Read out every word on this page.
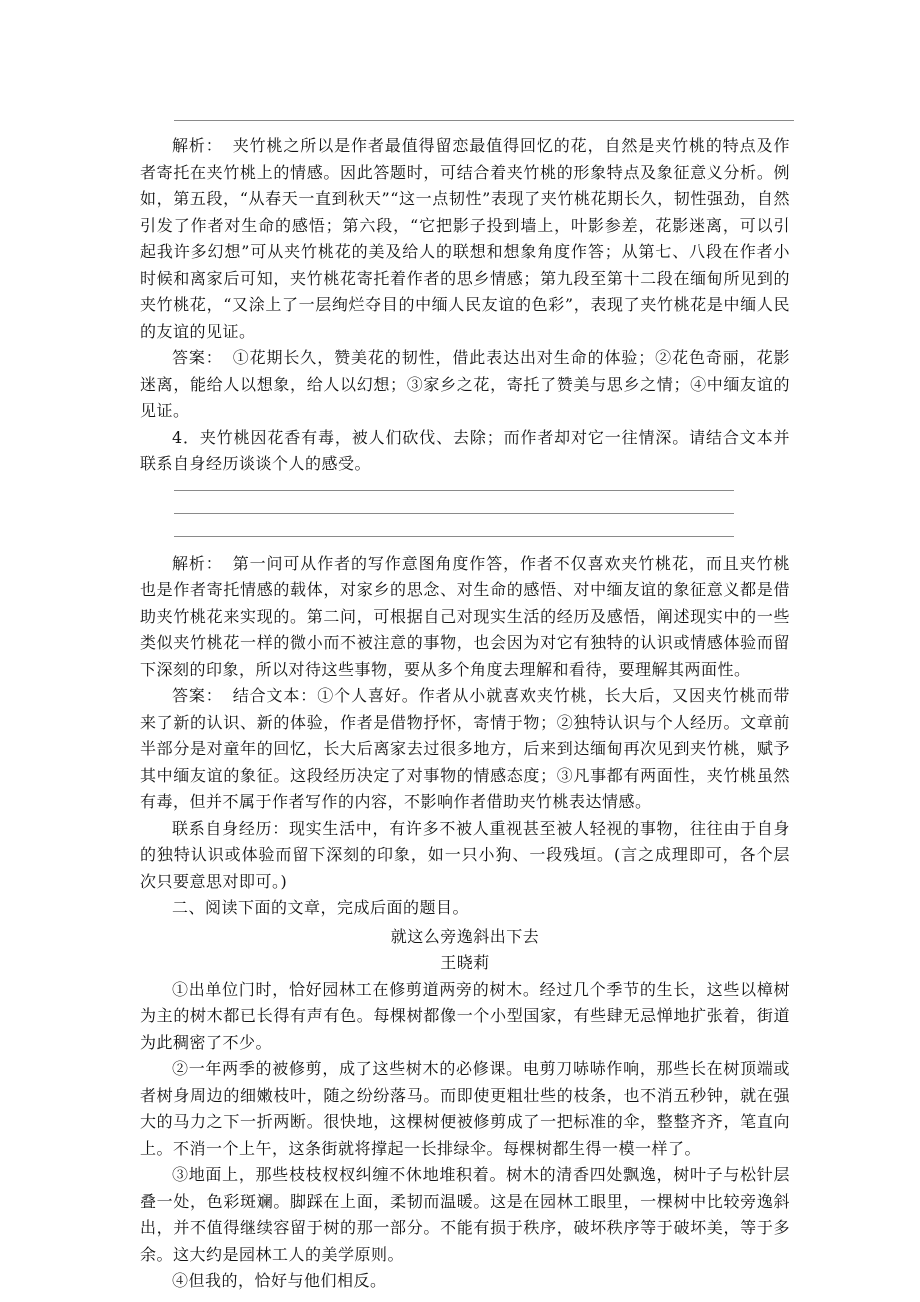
解析： 夹竹桃之所以是作者最值得留恋最值得回忆的花，自然是夹竹桃的特点及作者寄托在夹竹桃上的情感。因此答题时，可结合着夹竹桃的形象特点及象征意义分析。例如，第五段，“从春天一直到秋天”“这一点韧性”表现了夹竹桃花期长久，韧性强劲，自然引发了作者对生命的感悟；第六段，“它把影子投到墙上，叶影参差，花影迷离，可以引起我许多幻想”可从夹竹桃花的美及给人的联想和想象角度作答；从第七、八段在作者小时候和离家后可知，夹竹桃花寄托着作者的思乡情感；第九段至第十二段在缅甸所见到的夹竹桃花，“又涂上了一层绚烂夺目的中缅人民友谊的色彩”，表现了夹竹桃花是中缅人民的友谊的见证。

答案： ①花期长久，赞美花的韧性，借此表达出对生命的体验；②花色奇丽，花影迷离，能给人以想象，给人以幻想；③家乡之花，寄托了赞美与思乡之情；④中缅友谊的见证。

4．夹竹桃因花香有毒，被人们砍伐、去除；而作者却对它一往情深。请结合文本并联系自身经历谈谈个人的感受。

解析： 第一问可从作者的写作意图角度作答，作者不仅喜欢夹竹桃花，而且夹竹桃也是作者寄托情感的载体，对家乡的思念、对生命的感悟、对中缅友谊的象征意义都是借助夹竹桃花来实现的。第二问，可根据自己对现实生活的经历及感悟，阐述现实中的一些类似夹竹桃花一样的微小而不被注意的事物，也会因为对它有独特的认识或情感体验而留下深刻的印象，所以对待这些事物，要从多个角度去理解和看待，要理解其两面性。

答案： 结合文本：①个人喜好。作者从小就喜欢夹竹桃，长大后，又因夹竹桃而带来了新的认识、新的体验，作者是借物抒怀，寄情于物；②独特认识与个人经历。文章前半部分是对童年的回忆，长大后离家去过很多地方，后来到达缅甸再次见到夹竹桃，赋予其中缅友谊的象征。这段经历决定了对事物的情感态度；③凡事都有两面性，夹竹桃虽然有毒，但并不属于作者写作的内容，不影响作者借助夹竹桃表达情感。

联系自身经历：现实生活中，有许多不被人重视甚至被人轻视的事物，往往由于自身的独特认识或体验而留下深刻的印象，如一只小狗、一段残垣。(言之成理即可，各个层次只要意思对即可。)

二、阅读下面的文章，完成后面的题目。

就这么旁逸斜出下去

王晓莉

①出单位门时，恰好园林工在修剪道两旁的树木。经过几个季节的生长，这些以樟树为主的树木都已长得有声有色。每棵树都像一个小型国家，有些肆无忌惮地扩张着，街道为此稠密了不少。

②一年两季的被修剪，成了这些树木的必修课。电剪刀哧哧作响，那些长在树顶端或者树身周边的细嫩枝叶，随之纷纷落马。而即使更粗壮些的枝条，也不消五秒钟，就在强大的马力之下一折两断。很快地，这棵树便被修剪成了一把标准的伞，整整齐齐，笔直向上。不消一个上午，这条街就将撑起一长排绿伞。每棵树都生得一模一样了。

③地面上，那些枝枝杈杈纠缠不休地堆积着。树木的清香四处飘逸，树叶子与松针层叠一处，色彩斑斓。脚踩在上面，柔韧而温暖。这是在园林工眼里，一棵树中比较旁逸斜出，并不值得继续容留于树的那一部分。不能有损于秩序，破坏秩序等于破坏美，等于多余。这大约是园林工人的美学原则。

④但我的，恰好与他们相反。
